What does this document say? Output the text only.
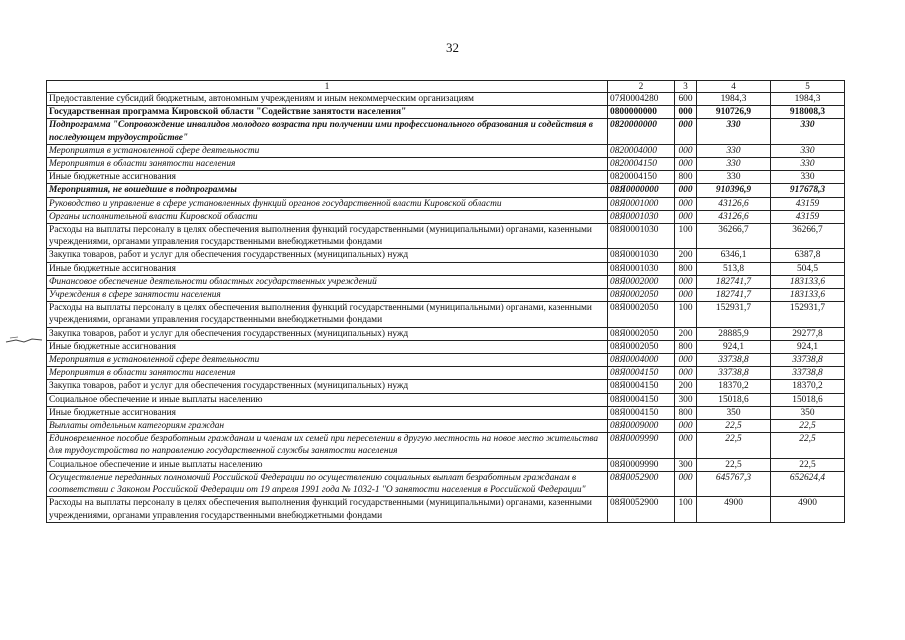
32
1	2	3	4	5
Предоставление субсидий бюджетным, автономным учреждениям и иным некоммерческим организациям	07Я0004280	600	1984,3	1984,3
Государственная программа Кировской области "Содействие занятости населения"	0800000000	000	910726,9	918008,3
Подпрограмма "Сопровождение инвалидов молодого возраста при получении ими профессионального образования и содействия в последующем трудоустройстве"	0820000000	000	330	330
Мероприятия в установленной сфере деятельности	0820004000	000	330	330
Мероприятия в области занятости населения	0820004150	000	330	330
Иные бюджетные ассигнования	0820004150	800	330	330
Мероприятия, не вошедшие в подпрограммы	08Я0000000	000	910396,9	917678,3
Руководство и управление в сфере установленных функций органов государственной власти Кировской области	08Я0001000	000	43126,6	43159
Органы исполнительной власти Кировской области	08Я0001030	000	43126,6	43159
Расходы на выплаты персоналу в целях обеспечения выполнения функций государственными (муниципальными) органами, казенными учреждениями, органами управления государственными внебюджетными фондами	08Я0001030	100	36266,7	36266,7
Закупка товаров, работ и услуг для обеспечения государственных (муниципальных) нужд	08Я0001030	200	6346,1	6387,8
Иные бюджетные ассигнования	08Я0001030	800	513,8	504,5
Финансовое обеспечение деятельности областных государственных учреждений	08Я0002000	000	182741,7	183133,6
Учреждения в сфере занятости населения	08Я0002050	000	182741,7	183133,6
Расходы на выплаты персоналу в целях обеспечения выполнения функций государственными (муниципальными) органами, казенными учреждениями, органами управления государственными внебюджетными фондами	08Я0002050	100	152931,7	152931,7
Закупка товаров, работ и услуг для обеспечения государственных (муниципальных) нужд	08Я0002050	200	28885,9	29277,8
Иные бюджетные ассигнования	08Я0002050	800	924,1	924,1
Мероприятия в установленной сфере деятельности	08Я0004000	000	33738,8	33738,8
Мероприятия в области занятости населения	08Я0004150	000	33738,8	33738,8
Закупка товаров, работ и услуг для обеспечения государственных (муниципальных) нужд	08Я0004150	200	18370,2	18370,2
Социальное обеспечение и иные выплаты населению	08Я0004150	300	15018,6	15018,6
Иные бюджетные ассигнования	08Я0004150	800	350	350
Выплаты отдельным категориям граждан	08Я0009000	000	22,5	22,5
Единовременное пособие безработным гражданам и членам их семей при переселении в другую местность на новое место жительства для трудоустройства по направлению государственной службы занятости населения	08Я0009990	000	22,5	22,5
Социальное обеспечение и иные выплаты населению	08Я0009990	300	22,5	22,5
Осуществление переданных полномочий Российской Федерации по осуществлению социальных выплат безработным гражданам в соответствии с Законом Российской Федерации от 19 апреля 1991 года № 1032-1 "О занятости населения в Российской Федерации"	08Я0052900	000	645767,3	652624,4
Расходы на выплаты персоналу в целях обеспечения выполнения функций государственными (муниципальными) органами, казенными учреждениями, органами управления государственными внебюджетными фондами	08Я0052900	100	4900	4900
